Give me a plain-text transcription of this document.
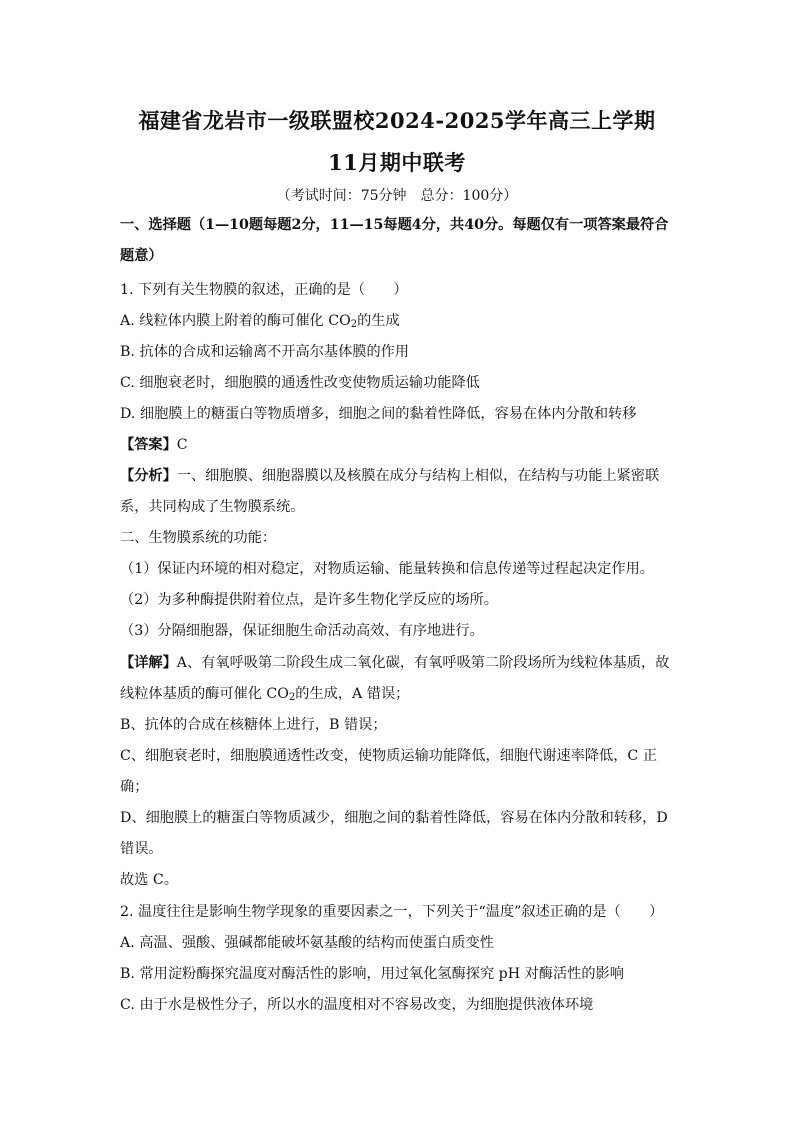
福建省龙岩市一级联盟校2024-2025学年高三上学期
11月期中联考
（考试时间：75分钟　总分：100分）
一、选择题（1—10题每题2分，11—15每题4分，共40分。每题仅有一项答案最符合
题意）
1. 下列有关生物膜的叙述，正确的是（　　）
A. 线粒体内膜上附着的酶可催化 $CO_2$的生成
B. 抗体的合成和运输离不开高尔基体膜的作用
C. 细胞衰老时，细胞膜的通透性改变使物质运输功能降低
D. 细胞膜上的糖蛋白等物质增多，细胞之间的黏着性降低，容易在体内分散和转移
【答案】C
【分析】一、细胞膜、细胞器膜以及核膜在成分与结构上相似，在结构与功能上紧密联
系，共同构成了生物膜系统。
二、生物膜系统的功能：
（1）保证内环境的相对稳定，对物质运输、能量转换和信息传递等过程起决定作用。
（2）为多种酶提供附着位点，是许多生物化学反应的场所。
（3）分隔细胞器，保证细胞生命活动高效、有序地进行。
【详解】A、有氧呼吸第二阶段生成二氧化碳，有氧呼吸第二阶段场所为线粒体基质，故
线粒体基质的酶可催化 $CO_2$的生成，A 错误；
B、抗体的合成在核糖体上进行，B 错误；
C、细胞衰老时，细胞膜通透性改变，使物质运输功能降低，细胞代谢速率降低，C 正
确；
D、细胞膜上的糖蛋白等物质减少，细胞之间的黏着性降低，容易在体内分散和转移，D
错误。
故选 C。
2. 温度往往是影响生物学现象的重要因素之一，下列关于“温度”叙述正确的是（　　）
A. 高温、强酸、强碱都能破坏氨基酸的结构而使蛋白质变性
B. 常用淀粉酶探究温度对酶活性的影响，用过氧化氢酶探究 pH 对酶活性的影响
C. 由于水是极性分子，所以水的温度相对不容易改变，为细胞提供液体环境
